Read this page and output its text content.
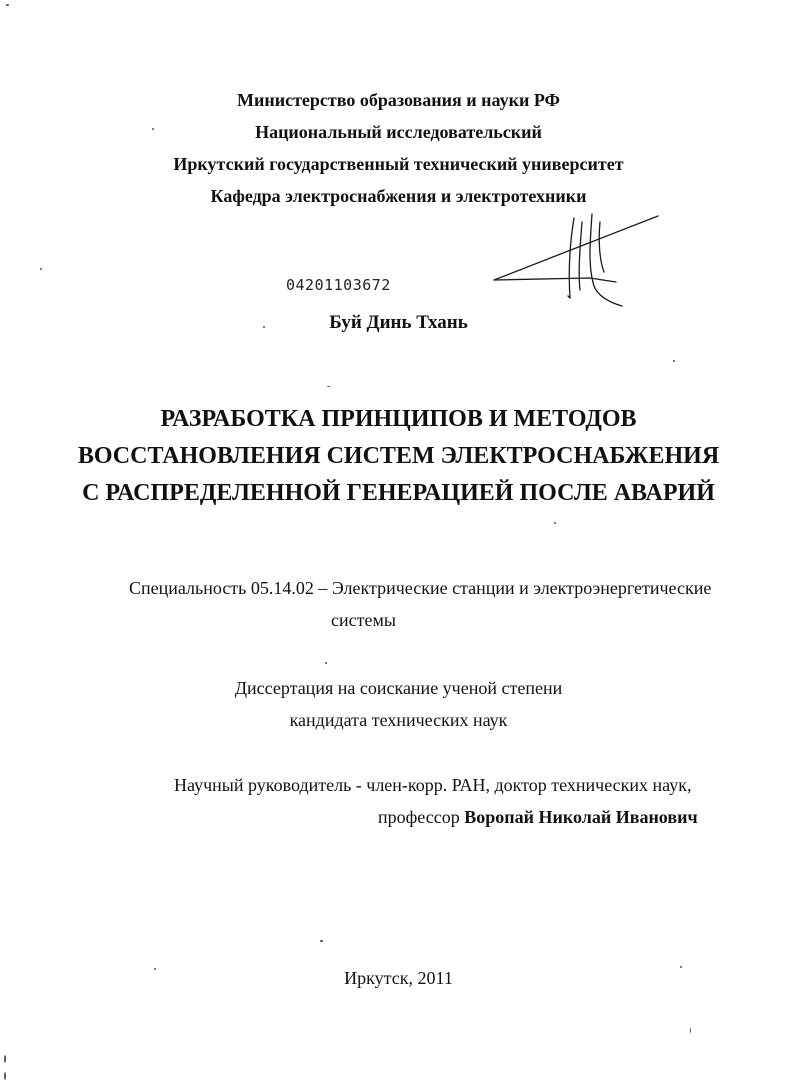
Министерство образования и науки РФ
Национальный исследовательский
Иркутский государственный технический университет
Кафедра электроснабжения и электротехники
04201103672
Буй Динь Тхань
РАЗРАБОТКА ПРИНЦИПОВ И МЕТОДОВ
ВОССТАНОВЛЕНИЯ СИСТЕМ ЭЛЕКТРОСНАБЖЕНИЯ
С РАСПРЕДЕЛЕННОЙ ГЕНЕРАЦИЕЙ ПОСЛЕ АВАРИЙ
Специальность 05.14.02 – Электрические станции и электроэнергетические
системы
Диссертация на соискание ученой степени
кандидата технических наук
Научный руководитель - член-корр. РАН, доктор технических наук,
профессор Воропай Николай Иванович
Иркутск, 2011
